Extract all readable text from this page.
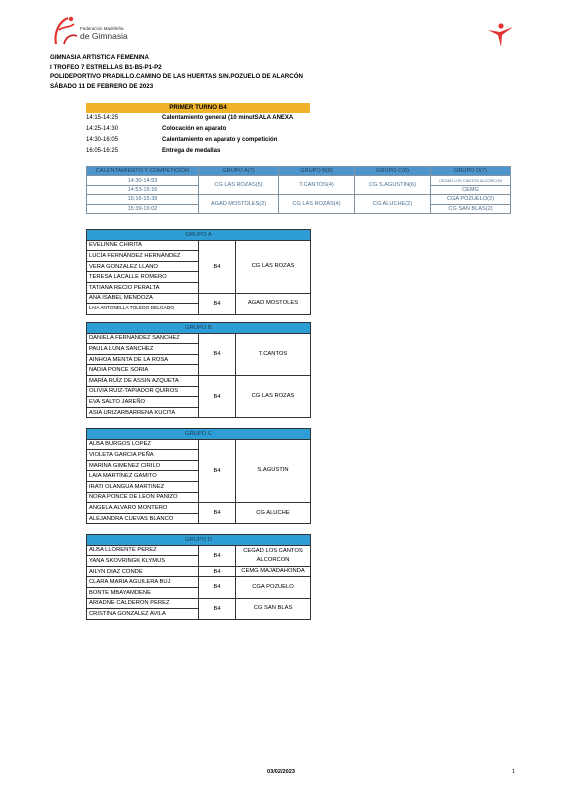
Federación Madrileña
de Gimnasia
GIMNASIA ARTISTICA FEMENINA
I TROFEO 7 ESTRELLAS B1-B5-P1-P2
POLIDEPORTIVO PRADILLO.CAMINO DE LAS HUERTAS S/N.POZUELO DE ALARCÓN
SÁBADO 11 DE FEBRERO DE 2023
PRIMER TURNO B4
14:15-14:25	Calentamiento general (10 minutSALA ANEXA
14:25-14:30	Colocación en aparato
14:30-16:05	Calentamiento en aparato y competición
16:05-16:25	Entrega de medallas
CALENTAMIENTO Y COMPETICIÓN	GRUPO A(7)	GRUPO B(8)	GRUPO C(8)	GRUPO D(7)
14:30-14:53	CG LAS ROZAS(5)	T.CANTOS(4)	CG S.AGUSTIN(6)	CEGAD LOS CANTOS ALCORCON
14:53-15:16				CEMG
15:16-15:39	AGAD MOSTOLES(2)	CG LAS ROZAS(4)	CG ALUCHE(2)	CGA POZUELO(2)
15:39-16:02				CG SAN BLAS(2)
GRUPO A		
EVELINNE CHIRITA	B4	CG LAS ROZAS
LUCÍA FERNÁNDEZ HERNÁNDEZ		
VERA GONZALEZ LLANO		
TERESA LACALLE ROMERO		
TATIANA RECIO PERALTA		
ANA ISABEL MENDOZA	B4	AGAD MOSTOLES
LAIA ANTONELLA TOLEDO DELGADO		
GRUPO B		
DANIELA FERNANDEZ SANCHEZ	B4	T.CANTOS
PAULA LUNA SANCHEZ		
AINHOA MENTA DE LA ROSA		
NADIA PONCE SORIA		
MARÍA RUÍZ DE ASSIN AZQUETA	B4	CG LAS ROZAS
OLIVIA RUIZ-TAPIADOR QUIROS		
EVA SALTO JAREÑO		
ASIA URIZARBARRENA KUCITA		
GRUPO C		
ALBA BURGOS LOPEZ	B4	S.AGUSTIN
VIOLETA GARCIA PEÑA		
MARINA GIMENEZ CIRILO		
LAIA MARTÍNEZ GAMITO		
IRATI OLANGUA MARTINEZ		
NORA PONCE DE LEON PANIZO		
ANGELA ALVARO MONTERO	B4	CG ALUCHE
ALEJANDRA CUEVAS BLANCO		
GRUPO D		
ALBA LLORENTE PEREZ	B4	CEGAD LOS CANTOS ALCORCON
YANA SKOVRINGK KLYMUS		
AILYN DIAZ CONDE	B4	CEMG MAJADAHONDA
CLARA MARIA AGUILERA BUJ	B4	CGA POZUELO
BONTE MBAYAMDENE		
ARIADNE CALDERON PEREZ	B4	CG SAN BLAS
CRISTINA GONZALEZ AVILA		
03/02/2023	1
